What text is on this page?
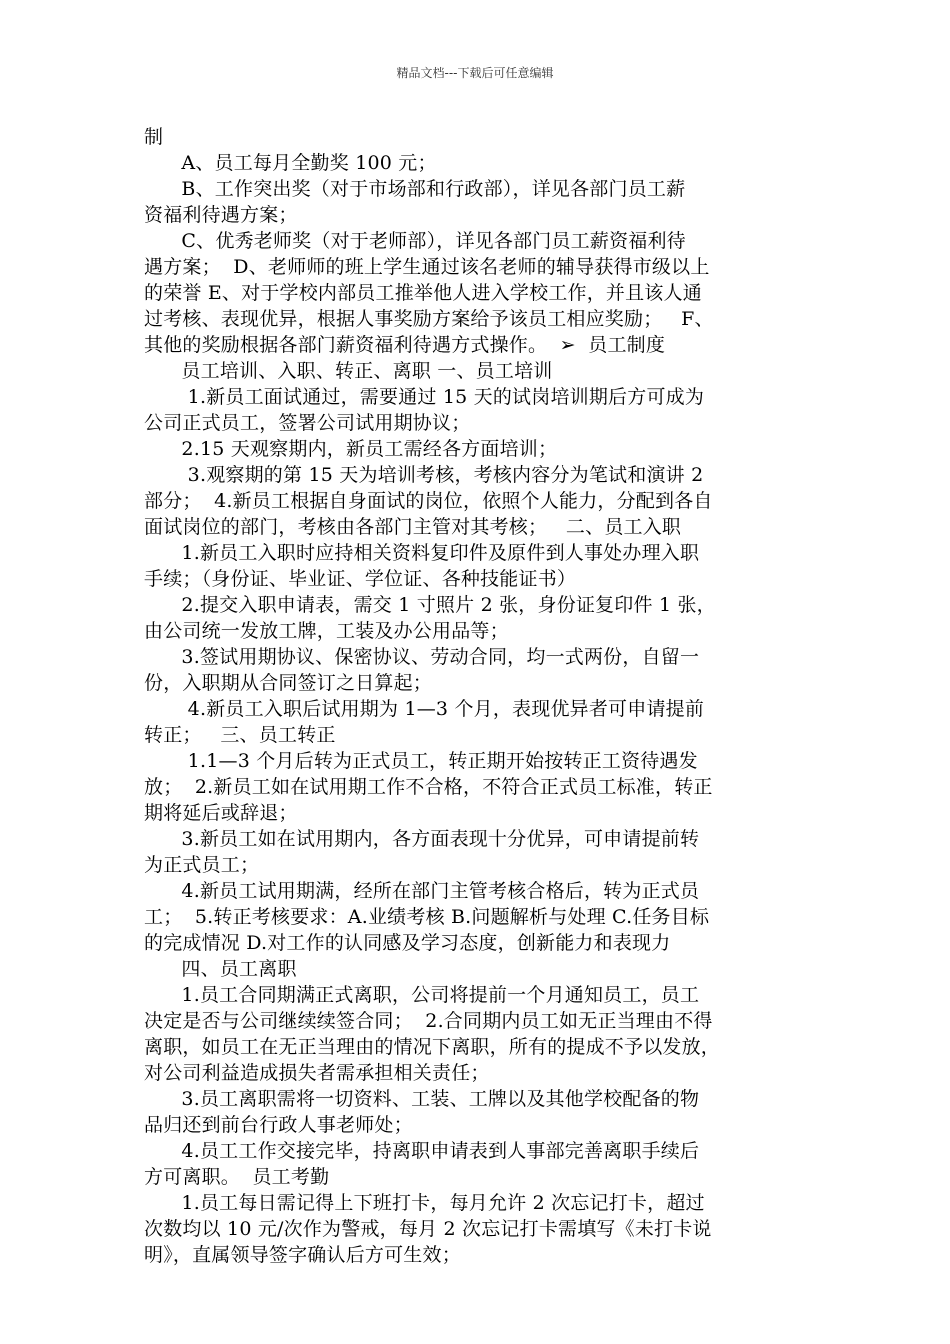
精品文档---下载后可任意编辑
制
A、员工每月全勤奖 100 元；
B、工作突出奖（对于市场部和行政部），详见各部门员工薪
资福利待遇方案；
C、优秀老师奖（对于老师部），详见各部门员工薪资福利待
遇方案；  D、老师师的班上学生通过该名老师的辅导获得市级以上
的荣誉 E、对于学校内部员工推举他人进入学校工作，并且该人通
过考核、表现优异，根据人事奖励方案给予该员工相应奖励；   F、
其他的奖励根据各部门薪资福利待遇方式操作。  ➢  员工制度
员工培训、入职、转正、离职 一、员工培训
1.新员工面试通过，需要通过 15 天的试岗培训期后方可成为
公司正式员工，签署公司试用期协议；
2.15 天观察期内，新员工需经各方面培训；
3.观察期的第 15 天为培训考核，考核内容分为笔试和演讲 2
部分；  4.新员工根据自身面试的岗位，依照个人能力，分配到各自
面试岗位的部门，考核由各部门主管对其考核；   二、员工入职
1.新员工入职时应持相关资料复印件及原件到人事处办理入职
手续；（身份证、毕业证、学位证、各种技能证书）
2.提交入职申请表，需交 1 寸照片 2 张，身份证复印件 1 张，
由公司统一发放工牌，工装及办公用品等；
3.签试用期协议、保密协议、劳动合同，均一式两份，自留一
份，入职期从合同签订之日算起；
4.新员工入职后试用期为 1—3 个月，表现优异者可申请提前
转正；   三、员工转正
1.1—3 个月后转为正式员工，转正期开始按转正工资待遇发
放；  2.新员工如在试用期工作不合格，不符合正式员工标准，转正
期将延后或辞退；
3.新员工如在试用期内，各方面表现十分优异，可申请提前转
为正式员工；
4.新员工试用期满，经所在部门主管考核合格后，转为正式员
工；  5.转正考核要求：A.业绩考核 B.问题解析与处理 C.任务目标
的完成情况 D.对工作的认同感及学习态度，创新能力和表现力
四、员工离职
1.员工合同期满正式离职，公司将提前一个月通知员工，员工
决定是否与公司继续续签合同；  2.合同期内员工如无正当理由不得
离职，如员工在无正当理由的情况下离职，所有的提成不予以发放，
对公司利益造成损失者需承担相关责任；
3.员工离职需将一切资料、工装、工牌以及其他学校配备的物
品归还到前台行政人事老师处；
4.员工工作交接完毕，持离职申请表到人事部完善离职手续后
方可离职。  员工考勤
1.员工每日需记得上下班打卡，每月允许 2 次忘记打卡，超过
次数均以 10 元/次作为警戒，每月 2 次忘记打卡需填写《未打卡说
明》，直属领导签字确认后方可生效；
